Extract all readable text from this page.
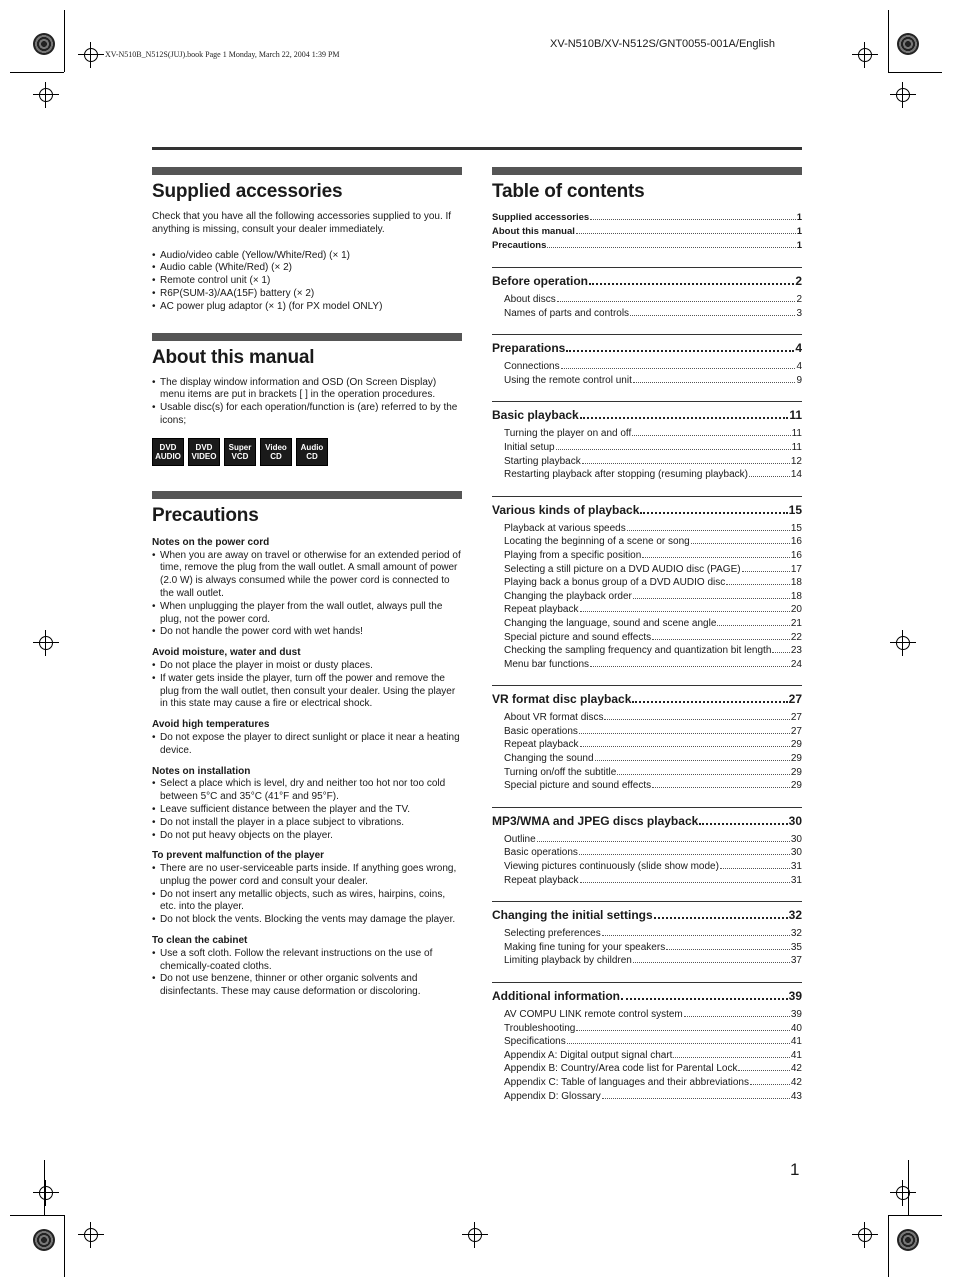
XV-N510B_N512S(JUJ).book Page 1 Monday, March 22, 2004 1:39 PM
XV-N510B/XV-N512S/GNT0055-001A/English
Supplied accessories

Check that you have all the following accessories supplied to you. If anything is missing, consult your dealer immediately.

• Audio/video cable (Yellow/White/Red) (× 1)
• Audio cable (White/Red) (× 2)
• Remote control unit (× 1)
• R6P(SUM-3)/AA(15F) battery (× 2)
• AC power plug adaptor (× 1) (for PX model ONLY)
About this manual
• The display window information and OSD (On Screen Display) menu items are put in brackets [ ] in the operation procedures.
• Usable disc(s) for each operation/function is (are) referred to by the icons;
DVD
AUDIO
DVD
VIDEO
Super
VCD
Video
CD
Audio
CD
Precautions
Notes on the power cord
• When you are away on travel or otherwise for an extended period of time, remove the plug from the wall outlet. A small amount of power (2.0 W) is always consumed while the power cord is connected to the wall outlet.
• When unplugging the player from the wall outlet, always pull the plug, not the power cord.
• Do not handle the power cord with wet hands!
Avoid moisture, water and dust
• Do not place the player in moist or dusty places.
• If water gets inside the player, turn off the power and remove the plug from the wall outlet, then consult your dealer. Using the player in this state may cause a fire or electrical shock.
Avoid high temperatures
• Do not expose the player to direct sunlight or place it near a heating device.
Notes on installation
• Select a place which is level, dry and neither too hot nor too cold between 5°C and 35°C (41°F and 95°F).
• Leave sufficient distance between the player and the TV.
• Do not install the player in a place subject to vibrations.
• Do not put heavy objects on the player.
To prevent malfunction of the player
• There are no user-serviceable parts inside. If anything goes wrong, unplug the power cord and consult your dealer.
• Do not insert any metallic objects, such as wires, hairpins, coins, etc. into the player.
• Do not block the vents. Blocking the vents may damage the player.
To clean the cabinet
• Use a soft cloth. Follow the relevant instructions on the use of chemically-coated cloths.
• Do not use benzene, thinner or other organic solvents and disinfectants. These may cause deformation or discoloring.
Table of contents
Supplied accessories	1
About this manual	1
Precautions	1
Before operation	2
About discs	2
Names of parts and controls	3
Preparations	4
Connections	4
Using the remote control unit	9
Basic playback	11
Turning the player on and off	11
Initial setup	11
Starting playback	12
Restarting playback after stopping (resuming playback)	14
Various kinds of playback	15
Playback at various speeds	15
Locating the beginning of a scene or song	16
Playing from a specific position	16
Selecting a still picture on a DVD AUDIO disc (PAGE)	17
Playing back a bonus group of a DVD AUDIO disc	18
Changing the playback order	18
Repeat playback	20
Changing the language, sound and scene angle	21
Special picture and sound effects	22
Checking the sampling frequency and quantization bit length 23
Menu bar functions	24
VR format disc playback	27
About VR format discs	27
Basic operations	27
Repeat playback	29
Changing the sound	29
Turning on/off the subtitle	29
Special picture and sound effects	29
MP3/WMA and JPEG discs playback	30
Outline	30
Basic operations	30
Viewing pictures continuously (slide show mode)	31
Repeat playback	31
Changing the initial settings	32
Selecting preferences	32
Making fine tuning for your speakers	35
Limiting playback by children	37
Additional information	39
AV COMPU LINK remote control system	39
Troubleshooting	40
Specifications	41
Appendix A: Digital output signal chart	41
Appendix B: Country/Area code list for Parental Lock	42
Appendix C: Table of languages and their abbreviations	42
Appendix D: Glossary	43
1
